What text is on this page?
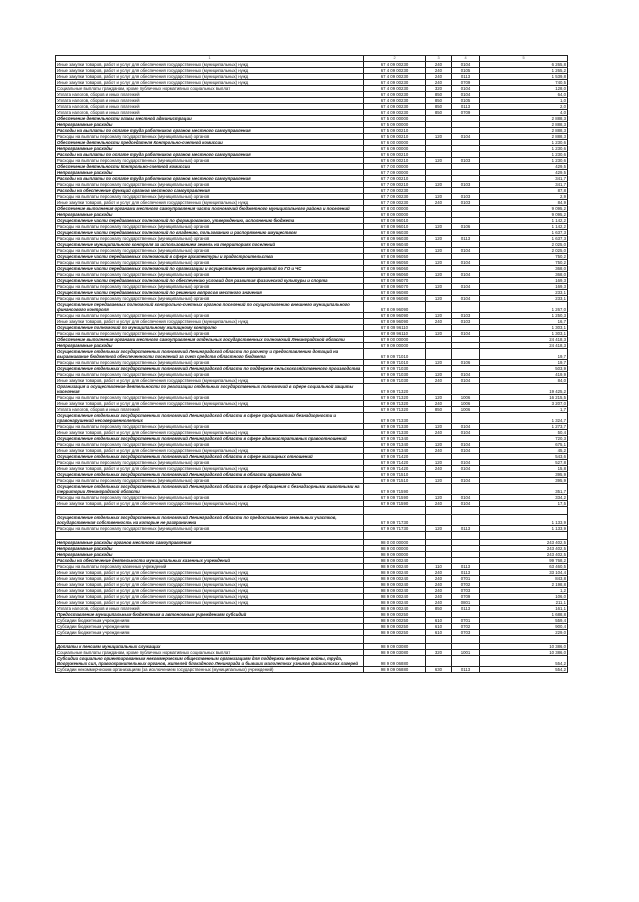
1	2	3	4	5
Иные закупки товаров, работ и услуг для обеспечения государственных (муниципальных) нужд	67 4 09 00230	240	0104	6 265,8
Иные закупки товаров, работ и услуг для обеспечения государственных (муниципальных) нужд	67 4 09 00230	240	0105	1 265,2
Иные закупки товаров, работ и услуг для обеспечения государственных (муниципальных) нужд	67 4 09 00230	240	0113	1 539,8
Иные закупки товаров, работ и услуг для обеспечения государственных (муниципальных) нужд	67 4 09 00230	240	0709	740,5
Социальные выплаты гражданам, кроме публичных нормативных социальных выплат	67 4 09 00230	320	0104	128,0
Уплата налогов, сборов и иных платежей	67 4 09 00230	850	0104	64,0
Уплата налогов, сборов и иных платежей	67 4 09 00230	850	0105	1,0
Уплата налогов, сборов и иных платежей	67 4 09 00230	850	0113	2,0
Уплата налогов, сборов и иных платежей	67 4 09 00230	850	0709	4,0
Обеспечение деятельности главы местной администрации	67 5 00 00000			2 888,3
Непрограммные расходы	67 5 09 00000			2 888,3
Расходы на выплаты по оплате труда работников органов местного самоуправления	67 5 09 00210			2 888,3
Расходы на выплаты персоналу государственных (муниципальных) органов	67 5 09 00210	120	0104	2 888,3
Обеспечение деятельности председателя Контрольно-счетной комиссии	67 6 00 00000			1 230,6
Непрограммные расходы	67 6 09 00000			1 230,6
Расходы на выплаты по оплате труда работников органов местного самоуправления	67 6 09 00210			1 230,6
Расходы на выплаты персоналу государственных (муниципальных) органов	67 6 09 00210	120	0103	1 230,6
Обеспечение деятельности Контрольно-счетной комиссии	67 7 00 00000			429,5
Непрограммные расходы	67 7 09 00000			429,5
Расходы на выплаты по оплате труда работников органов местного самоуправления	67 7 09 00210			341,7
Расходы на выплаты персоналу государственных (муниципальных) органов	67 7 09 00210	120	0103	341,7
Расходы на обеспечение функций органов местного самоуправления	67 7 09 00230			87,8
Расходы на выплаты персоналу государственных (муниципальных) органов	67 7 09 00230	120	0103	2,9
Иные закупки товаров, работ и услуг для обеспечения государственных (муниципальных) нужд	67 7 09 00230	240	0103	84,9
Обеспечение выполнения органами местного самоуправления части полномочий бюджетного муниципального района и поселений	67 8 00 00000			9 095,2
Непрограммные расходы	67 8 09 00000			9 095,2
Осуществление части передаваемых полномочий по формированию, утверждению, исполнению бюджета	67 8 09 96010			1 142,2
Расходы на выплаты персоналу государственных (муниципальных) органов	67 8 09 96010	120	0106	1 142,2
Осуществление части передаваемых полномочий по владению, пользованию и распоряжению имуществом	67 8 09 96030			1 637,3
Расходы на выплаты персоналу государственных (муниципальных) органов	67 8 09 96030	120	0113	1 637,3
Осуществление муниципального контроля за использованием земель на территориях поселений	67 8 09 96040			2 025,0
Расходы на выплаты персоналу государственных (муниципальных) органов	67 8 09 96040	120	0104	2 025,0
Осуществление части передаваемых полномочий в сфере архитектуры и градостроительства	67 8 09 96050			750,2
Расходы на выплаты персоналу государственных (муниципальных) органов	67 8 09 96050	120	0104	750,2
Осуществление части передаваемых полномочий по организации и осуществлению мероприятий по ГО и ЧС	67 8 09 96060			368,0
Расходы на выплаты персоналу государственных (муниципальных) органов	67 8 09 96060	120	0104	368,0
Осуществление части передаваемых полномочий по обеспечению условий для развития физической культуры и спорта	67 8 09 96070			169,3
Расходы на выплаты персоналу государственных (муниципальных) органов	67 8 09 96070	120	0104	169,3
Осуществление части передаваемых полномочий по решению вопросов местного значения	67 8 09 96080			233,1
Расходы на выплаты персоналу государственных (муниципальных) органов	67 8 09 96080	120	0104	233,1
Осуществление передаваемых полномочий контрольно-счетных органов поселений по осуществлению внешнего муниципального финансового контроля	67 8 09 96090			1 267,0
Расходы на выплаты персоналу государственных (муниципальных) органов	67 8 09 96090	120	0103	1 250,3
Иные закупки товаров, работ и услуг для обеспечения государственных (муниципальных) нужд	67 8 09 96090	240	0103	16,7
Осуществление полномочий по муниципальному жилищному контролю	67 8 09 96110			1 303,1
Расходы на выплаты персоналу государственных (муниципальных) органов	67 8 09 96110	120	0104	1 303,1
Обеспечение выполнения органами местного самоуправления отдельных государственных полномочий Ленинградской области	67 9 00 00000			24 418,3
Непрограммные расходы	67 9 09 00000			24 418,3
Осуществление отдельных государственных полномочий Ленинградской области по расчету и предоставлению дотаций на выравнивание бюджетной обеспеченности поселений за счет средств областного бюджета	67 9 09 71010			19,7
Расходы на выплаты персоналу государственных (муниципальных) органов	67 9 09 71010	120	0106	19,7
Осуществление отдельных государственных полномочий Ленинградской области по поддержке сельскохозяйственного производства	67 9 09 71030			503,9
Расходы на выплаты персоналу государственных (муниципальных) органов	67 9 09 71030	120	0104	419,9
Иные закупки товаров, работ и услуг для обеспечения государственных (муниципальных) нужд	67 9 09 71030	240	0104	84,0
Организация и осуществление деятельности по реализации отдельных государственных полномочий в сфере социальной защиты населения	67 9 09 71320			19 425,2
Расходы на выплаты персоналу государственных (муниципальных) органов	67 9 09 71320	120	1006	16 215,5
Иные закупки товаров, работ и услуг для обеспечения государственных (муниципальных) нужд	67 9 09 71320	240	1006	3 207,0
Уплата налогов, сборов и иных платежей	67 9 09 71320	850	1006	1,7
Осуществление отдельных государственных полномочий Ленинградской области в сфере профилактики безнадзорности и правонарушений несовершеннолетних	67 9 09 71330			1 324,7
Расходы на выплаты персоналу государственных (муниципальных) органов	67 9 09 71330	120	0104	1 273,7
Иные закупки товаров, работ и услуг для обеспечения государственных (муниципальных) нужд	67 9 09 71330	240	0104	50,4
Осуществление отдельных государственных полномочий Ленинградской области в сфере административных правоотношений	67 9 09 71340			720,3
Расходы на выплаты персоналу государственных (муниципальных) органов	67 9 09 71340	120	0104	675,1
Иные закупки товаров, работ и услуг для обеспечения государственных (муниципальных) нужд	67 9 09 71340	240	0104	45,2
Осуществление отдельных государственных полномочий Ленинградской области в сфере жилищных отношений	67 9 09 71420			543,6
Расходы на выплаты персоналу государственных (муниципальных) органов	67 9 09 71420	120	0104	527,8
Иные закупки товаров, работ и услуг для обеспечения государственных (муниципальных) нужд	67 9 09 71420	240	0104	15,8
Осуществление отдельных государственных полномочий Ленинградской области в области архивного дела	67 9 09 71510			395,9
Расходы на выплаты персоналу государственных (муниципальных) органов	67 9 09 71510	120	0104	395,9
Осуществление отдельных государственных полномочий Ленинградской области в сфере обращения с безнадзорными животными на территории Ленинградской области	67 9 09 71590			351,7
Расходы на выплаты персоналу государственных (муниципальных) органов	67 9 09 71590	120	0104	334,2
Иные закупки товаров, работ и услуг для обеспечения государственных (муниципальных) нужд	67 9 09 71590	240	0104	17,5

Осуществление отдельных государственных полномочий Ленинградской области по предоставлению земельных участков, государственная собственность на которые не разграничена	67 9 09 71730			1 133,9
Расходы на выплаты персоналу государственных (муниципальных) органов	67 9 09 71730	120	0113	1 133,9

Непрограммные расходы органов местного самоуправления	98 0 00 00000			243 402,5
Непрограммные расходы	98 9 00 00000			243 402,5
Непрограммные расходы	98 9 09 00000			243 402,5
Расходы на обеспечение деятельности муниципальных казенных учреждений	98 9 09 00240			99 768,2
Расходы на выплаты персоналу казенных учреждений	98 9 09 00240	110	0113	63 460,5
Иные закупки товаров, работ и услуг для обеспечения государственных (муниципальных) нужд	98 9 09 00240	240	0113	33 104,4
Иные закупки товаров, работ и услуг для обеспечения государственных (муниципальных) нужд	98 9 09 00240	240	0701	843,8
Иные закупки товаров, работ и услуг для обеспечения государственных (муниципальных) нужд	98 9 09 00240	240	0702	2 198,8
Иные закупки товаров, работ и услуг для обеспечения государственных (муниципальных) нужд	98 9 09 00240	240	0703	1,2
Иные закупки товаров, работ и услуг для обеспечения государственных (муниципальных) нужд	98 9 09 00240	240	0709	106,0
Иные закупки товаров, работ и услуг для обеспечения государственных (муниципальных) нужд	98 9 09 00240	240	0801	211,1
Уплата налогов, сборов и иных платежей	98 9 09 00240	850	0113	161,1
Предоставление муниципальным бюджетным и автономным учреждениям субсидий	98 9 09 00250			1 688,8
Субсидии бюджетным учреждениям	98 9 09 00250	610	0701	559,4
Субсидии бюджетным учреждениям	98 9 09 00250	610	0702	900,4
Субсидии бюджетным учреждениям	98 9 09 00250	610	0703	229,0

Доплаты к пенсиям муниципальных служащих	98 9 09 03080			10 386,0
Социальные выплаты гражданам, кроме публичных нормативных социальных выплат	98 9 09 03080	320	1001	10 386,0
Субсидии социально ориентированным некоммерческим общественным организациям для поддержки ветеранов войны, труда, Вооруженных сил, правоохранительных органов, жителей блокадного Ленинграда и бывших малолетних узников фашистских лагерей	98 9 09 06880			554,2
Субсидии некоммерческим организациям (за исключением государственных (муниципальных) учреждений)	98 9 09 06880	630	0113	554,2
